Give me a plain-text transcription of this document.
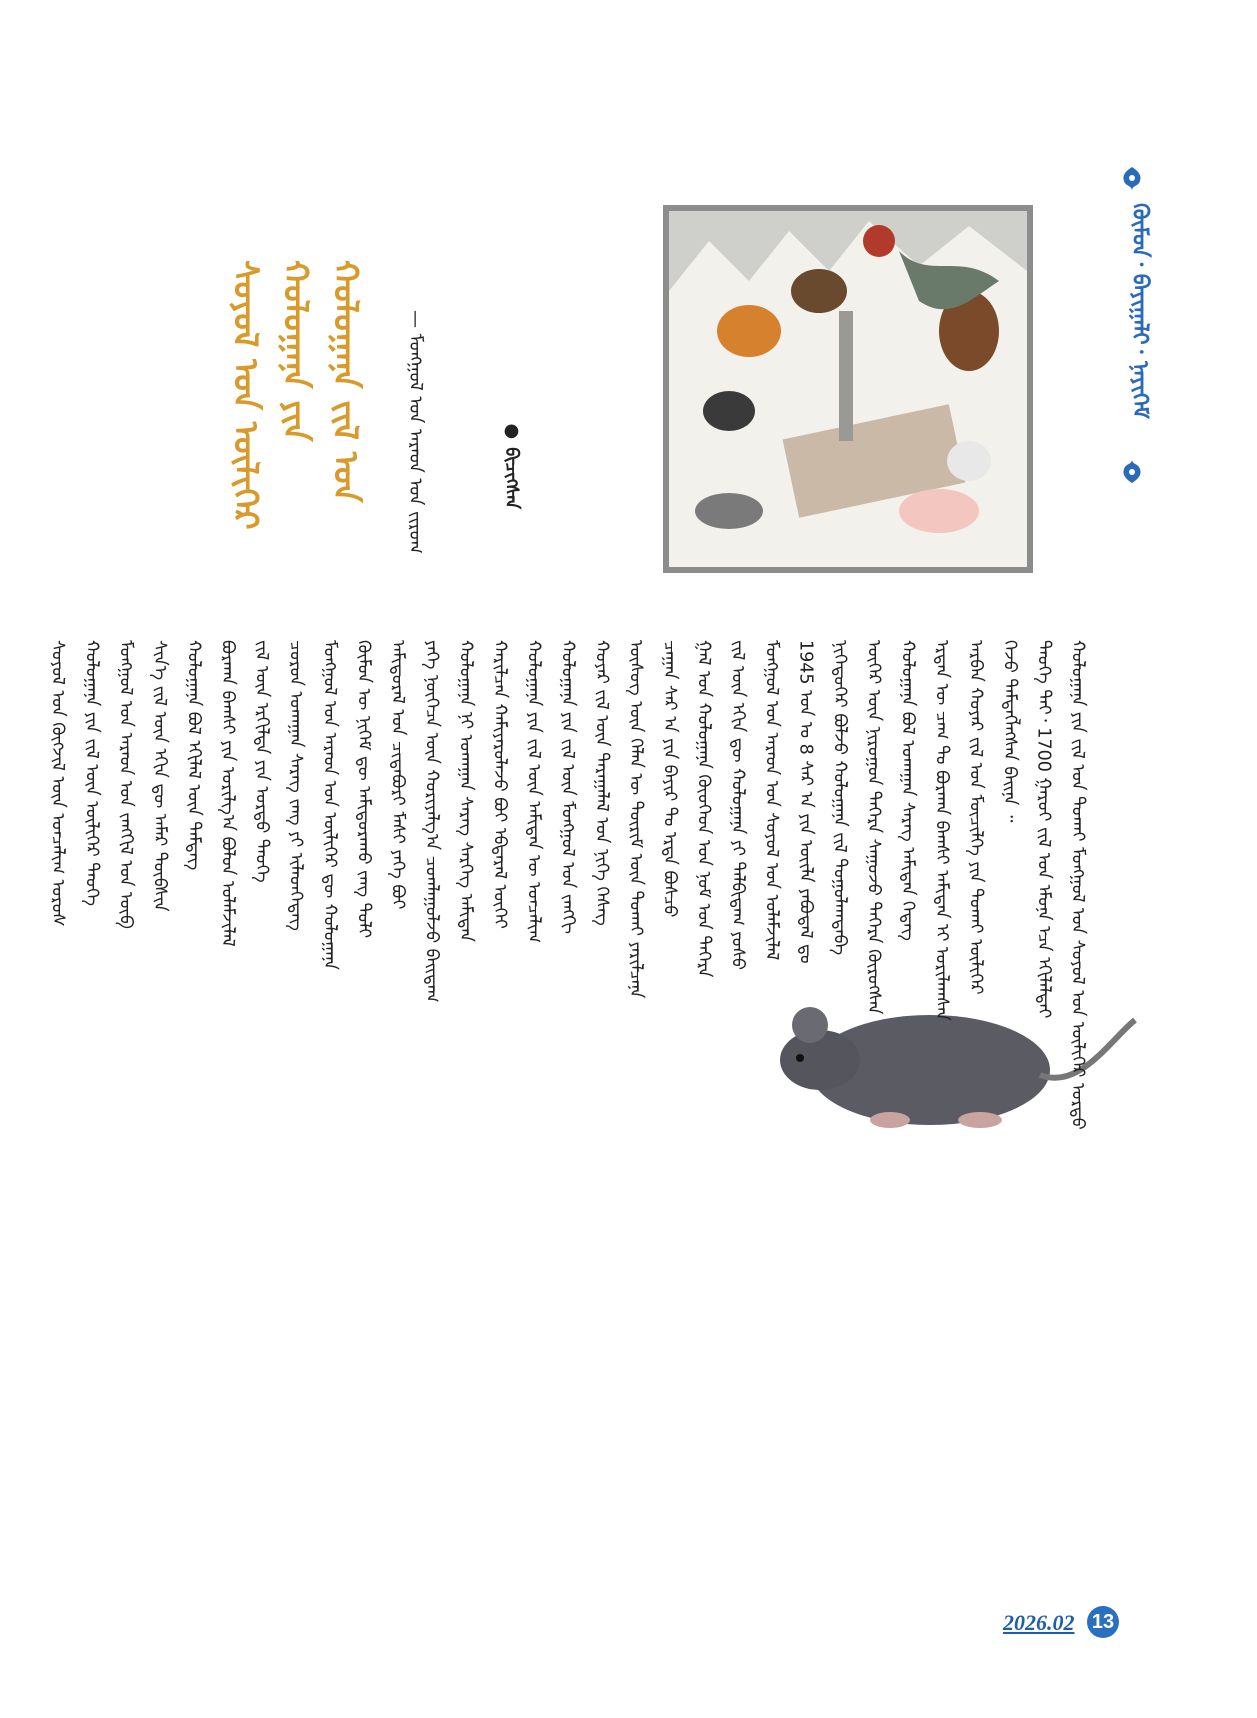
ᠬᠦᠮᠦᠨ᠂ ᠪᠠᠶᠢᠭᠠᠯᠢ᠂ ᠨᠡᠶᠢᠭᠡᠮ
ᠬᠤᠯᠤᠭᠠᠨᠠ ᠵᠢᠯ ᠤᠨ
ᠬᠤᠯᠤᠭᠠᠨᠠ ᠶᠢᠨ
ᠰᠣᠶᠤᠯ ᠤᠨ ᠦᠯᠢᠭᠡᠷ	— ᠮᠣᠩᠭᠣᠯ ᠤᠨ ᠠᠷᠠᠳ ᠤᠨ ᠵᠢᠷᠤᠭ	● ᠪᠢᠴᠢᠭᠰᠡᠨ
ᠬᠤᠯᠤᠭᠠᠨᠠ ᠶᠢᠨ ᠵᠢᠯ ᠤᠨ ᠲᠤᠬᠠᠢ ᠮᠣᠩᠭᠣᠯ ᠤᠨ ᠰᠣᠶᠤᠯ ᠤᠨ ᠦᠯᠢᠭᠡᠷ ᠤᠷᠲᠤ
ᠲᠡᠦᠬᠡ ᠲᠠᠢ᠂ 1700 ᠭᠠᠷᠤᠢ ᠵᠢᠯ ᠤᠨ ᠡᠮᠦᠨᠡ ᠡᠴᠡ ᠡᠬᠢᠯᠡᠯᠲᠡᠢ
ᠭᠡᠵᠦ ᠲᠡᠮᠳᠡᠭᠯᠡᠭᠰᠡᠨ ᠪᠠᠢᠨᠠ ᠃
ᠠᠷᠪᠠᠨ ᠬᠣᠶᠠᠷ ᠵᠢᠯ ᠤᠨ ᠮᠥᠴᠢᠯᠭᠡ ᠶᠢᠨ ᠲᠤᠬᠠᠢ ᠦᠯᠢᠭᠡᠷ
ᠡᠷᠲᠡᠨ ᠦ ᠴᠠᠭ ᠲᠤ ᠪᠤᠷᠬᠠᠨ ᠪᠠᠭᠰᠢ ᠠᠮᠢᠲᠠᠨ ᠢ ᠤᠷᠢᠯᠠᠭᠰᠠᠨ
ᠬᠤᠯᠤᠭᠠᠨᠠ ᠪᠣᠯ ᠤᠬᠠᠭᠠᠨ ᠰᠡᠷᠡᠭ ᠠᠮᠢᠲᠠᠨ ᠭᠡᠳᠡᠭ
ᠦᠬᠡᠷ ᠦᠨ ᠨᠢᠷᠤᠭᠤᠨ ᠳᠡᠭᠡᠷᠡ ᠰᠠᠭᠤᠵᠤ ᠳᠡᠭᠡᠷᠡ ᠬᠦᠷᠦᠭᠰᠡᠨ
ᠨᠢᠭᠡᠳᠦᠭᠡᠷ ᠪᠣᠯᠵᠤ ᠬᠤᠯᠤᠭᠠᠨᠠ ᠵᠢᠯ ᠲᠣᠭᠤᠯᠠᠭᠳᠠᠪᠠ
1945 ᠣᠨ ᠤ 8 ᠰᠠᠷ ᠠ ᠶᠢᠨ ᠦᠢᠯᠡ ᠶᠠᠪᠤᠳᠠᠯ ᠳᠤ
ᠮᠣᠩᠭᠣᠯ ᠤᠨ ᠠᠷᠠᠳ ᠤᠨ ᠰᠣᠶᠤᠯ ᠤᠨ ᠤᠯᠠᠮᠵᠢᠯᠠᠯ
ᠵᠢᠯ ᠦᠨ ᠡᠬᠢᠨ ᠳᠦ ᠬᠤᠯᠤᠭᠠᠨᠠ ᠶᠢ ᠲᠠᠯᠪᠢᠳᠠᠭ ᠶᠣᠰᠤ
ᠭᠠᠯ ᠤᠨ ᠬᠤᠯᠤᠭᠠᠨᠠ ᠬᠦᠦᠬᠡᠳ ᠤᠨ ᠨᠣᠮ ᠤᠨ ᠳᠡᠭᠡᠷᠡ
ᠴᠠᠭᠠᠨ ᠰᠠᠷ ᠠ ᠶᠢᠨ ᠪᠠᠶᠢᠷ ᠲᠤ ᠡᠷᠲᠡ ᠪᠣᠰᠴᠤ
ᠦᠰᠦᠭ ᠦᠨ ᠬᠡᠯᠡᠨ ᠦ ᠳᠦᠷᠢᠮ ᠦᠨ ᠲᠤᠬᠠᠢ ᠶᠠᠷᠢᠯᠴᠠᠨᠠ
ᠬᠣᠶᠠᠷ ᠵᠢᠯ ᠦᠨ ᠳᠠᠷᠠᠭᠠᠯᠠᠯ ᠤᠨ ᠨᠢᠭᠡ ᠬᠡᠰᠡᠭ
ᠬᠤᠯᠤᠭᠠᠨᠠ ᠶᠢᠨ ᠵᠢᠯ ᠦᠨ ᠮᠣᠩᠭᠣᠯ ᠤᠨ ᠵᠠᠩᠬᠢ
ᠬᠤᠯᠤᠭᠠᠨᠠ ᠶᠢᠨ ᠵᠢᠯ ᠦᠨ ᠠᠮᠢᠲᠠᠨ ᠦ ᠣᠨᠴᠠᠯᠢᠭ
ᠬᠠᠷᠢᠯᠴᠠᠨ ᠬᠠᠮᠢᠶᠠᠷᠤᠯᠠᠵᠤ ᠪᠤᠢ ᠡᠪᠳᠡᠷᠡᠯ ᠦᠭᠡᠢ
ᠬᠤᠯᠤᠭᠠᠨᠠ ᠨᠢ ᠤᠬᠠᠭᠠᠨ ᠰᠡᠷᠡᠭ ᠰᠡᠷᠭᠡᠭ ᠠᠮᠢᠲᠠᠨ
ᠶᠡᠬᠡ ᠨᠥᠭᠡᠴᠡ ᠦᠨ ᠬᠤᠷᠢᠶᠠᠯᠭ᠎ᠠ ᠴᠤᠭᠯᠠᠭᠤᠯᠵᠤ ᠪᠠᠢᠳᠠᠭ
ᠠᠮᠢᠳᠤᠷᠠᠯ ᠤᠨ ᠴᠢᠳᠠᠪᠤᠷᠢ ᠮᠠᠰᠢ ᠶᠡᠬᠡ ᠪᠤᠢ
ᠬᠦᠮᠦᠨ ᠦ ᠨᠢᠭᠡᠮ ᠳᠦ ᠠᠮᠢᠳᠤᠷᠠᠬᠤ ᠵᠠᠩ ᠲᠣᠯᠢ
ᠮᠣᠩᠭᠣᠯ ᠤᠨ ᠠᠷᠠᠳ ᠤᠨ ᠦᠯᠢᠭᠡᠷ ᠳᠦ ᠬᠤᠯᠤᠭᠠᠨᠠ
ᠴᠣᠷᠣᠨ ᠤᠬᠠᠭᠠᠨ ᠰᠡᠷᠡᠭ ᠵᠠᠩ ᠶᠢ ᠢᠯᠡᠳᠬᠡᠳᠡᠭ
ᠵᠢᠯ ᠦᠨ ᠡᠷᠭᠢᠯᠲᠡ ᠶᠢᠨ ᠤᠷᠲᠤ ᠲᠡᠦᠬᠡ
ᠪᠣᠷᠬᠠᠨ ᠪᠠᠭᠰᠢ ᠶᠢᠨ ᠤᠷᠢᠯᠭ᠎ᠠ ᠪᠣᠯᠣᠨ ᠤᠯᠠᠮᠵᠢᠯᠠᠯ
ᠬᠤᠯᠤᠭᠠᠨᠠ ᠪᠣᠯ ᠡᠬᠢᠯᠡᠯ ᠦᠨ ᠲᠡᠮᠳᠡᠭ
ᠰᠢᠨ᠎ᠡ ᠵᠢᠯ ᠦᠨ ᠡᠬᠢᠨ ᠳᠦ ᠠᠮᠠᠷ ᠲᠥᠪᠰᠢᠨ
ᠮᠣᠩᠭᠣᠯ ᠤᠨ ᠠᠷᠠᠳ ᠤᠨ ᠵᠠᠩᠬᠢᠯ ᠤᠨ ᠥᠪ
ᠬᠤᠯᠤᠭᠠᠨᠠ ᠶᠢᠨ ᠵᠢᠯ ᠦᠨ ᠦᠯᠢᠭᠡᠷ ᠲᠡᠦᠬᠡ
ᠰᠣᠶᠤᠯ ᠤᠨ ᠬᠥᠭᠵᠢᠯ ᠦᠨ ᠣᠨᠴᠠᠯᠢᠭ ᠤᠷᠤᠰ
2026.02 13
